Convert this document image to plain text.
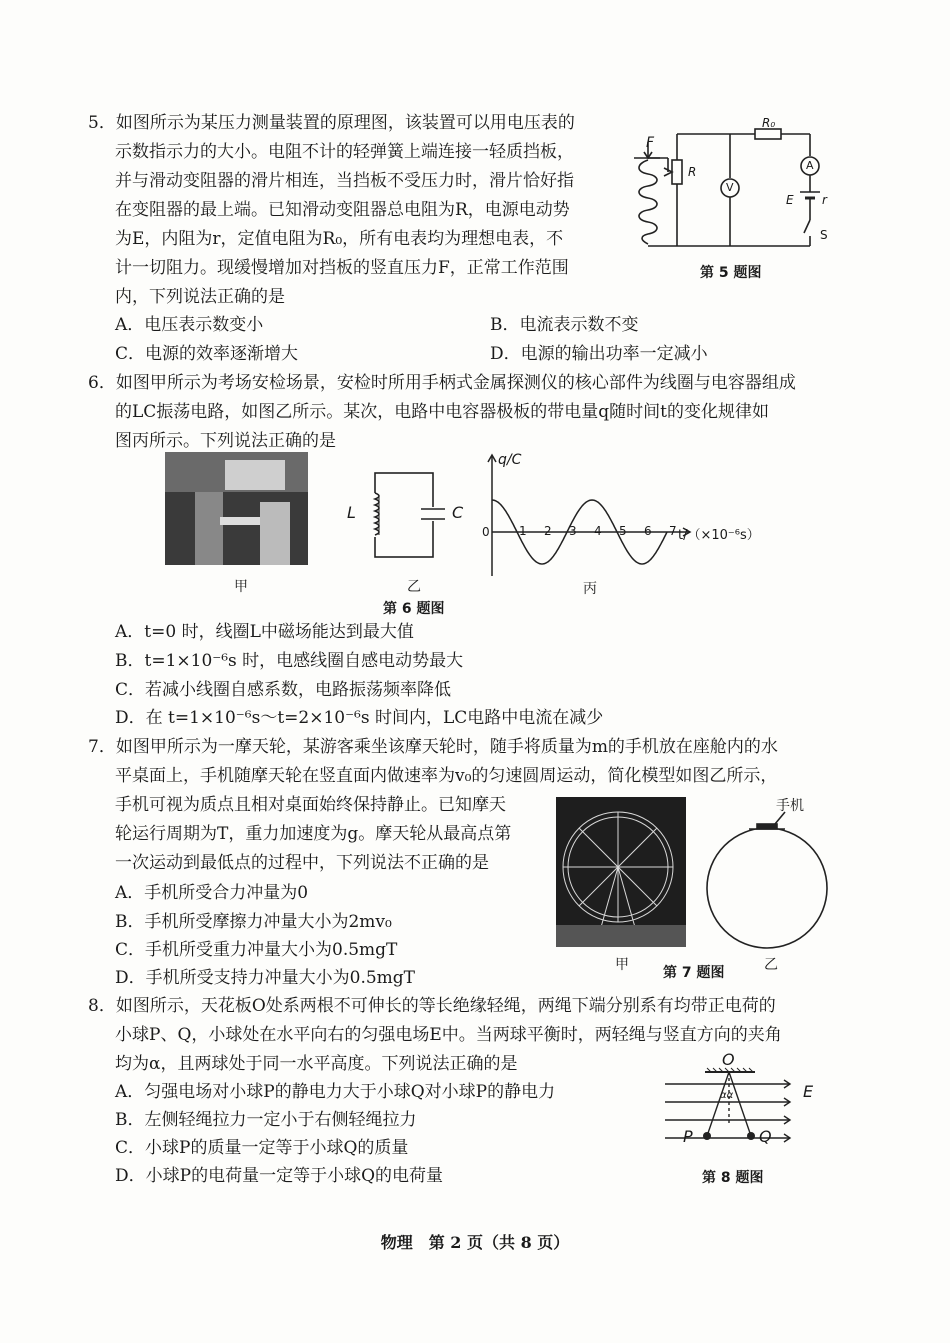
5．如图所示为某压力测量装置的原理图，该装置可以用电压表的
示数指示力的大小。电阻不计的轻弹簧上端连接一轻质挡板，
并与滑动变阻器的滑片相连，当挡板不受压力时，滑片恰好指
在变阻器的最上端。已知滑动变阻器总电阻为R，电源电动势
为E，内阻为r，定值电阻为R₀，所有电表均为理想电表，不
计一切阻力。现缓慢增加对挡板的竖直压力F，正常工作范围
内，下列说法正确的是
A．电压表示数变小	B．电流表示数不变
C．电源的效率逐渐增大	D．电源的输出功率一定减小
F
R
R₀
V
A
E r
S
第 5 题图
6．如图甲所示为考场安检场景，安检时所用手柄式金属探测仪的核心部件为线圈与电容器组成
的LC振荡电路，如图乙所示。某次，电路中电容器极板的带电量q随时间t的变化规律如
图丙所示。下列说法正确的是
甲
L	C
乙
q/C
0 1 2 3 4 5 6 7 t/（×10⁻⁶s）
丙
第 6 题图
A．t=0 时，线圈L中磁场能达到最大值
B．t=1×10⁻⁶s 时，电感线圈自感电动势最大
C．若减小线圈自感系数，电路振荡频率降低
D．在 t=1×10⁻⁶s～t=2×10⁻⁶s 时间内，LC电路中电流在减少
7．如图甲所示为一摩天轮，某游客乘坐该摩天轮时，随手将质量为m的手机放在座舱内的水
平桌面上，手机随摩天轮在竖直面内做速率为v₀的匀速圆周运动，简化模型如图乙所示，
手机可视为质点且相对桌面始终保持静止。已知摩天
轮运行周期为T，重力加速度为g。摩天轮从最高点第
一次运动到最低点的过程中，下列说法不正确的是
A．手机所受合力冲量为0
B．手机所受摩擦力冲量大小为2mv₀
C．手机所受重力冲量大小为0.5mgT
D．手机所受支持力冲量大小为0.5mgT
甲 第 7 题图
手机
乙
8．如图所示，天花板O处系两根不可伸长的等长绝缘轻绳，两绳下端分别系有均带正电荷的
小球P、Q，小球处在水平向右的匀强电场E中。当两球平衡时，两轻绳与竖直方向的夹角
均为α，且两球处于同一水平高度。下列说法正确的是
A．匀强电场对小球P的静电力大于小球Q对小球P的静电力
B．左侧轻绳拉力一定小于右侧轻绳拉力
C．小球P的质量一定等于小球Q的质量
D．小球P的电荷量一定等于小球Q的电荷量
O
E
αα
P	Q
第 8 题图
物理　第 2 页（共 8 页）
